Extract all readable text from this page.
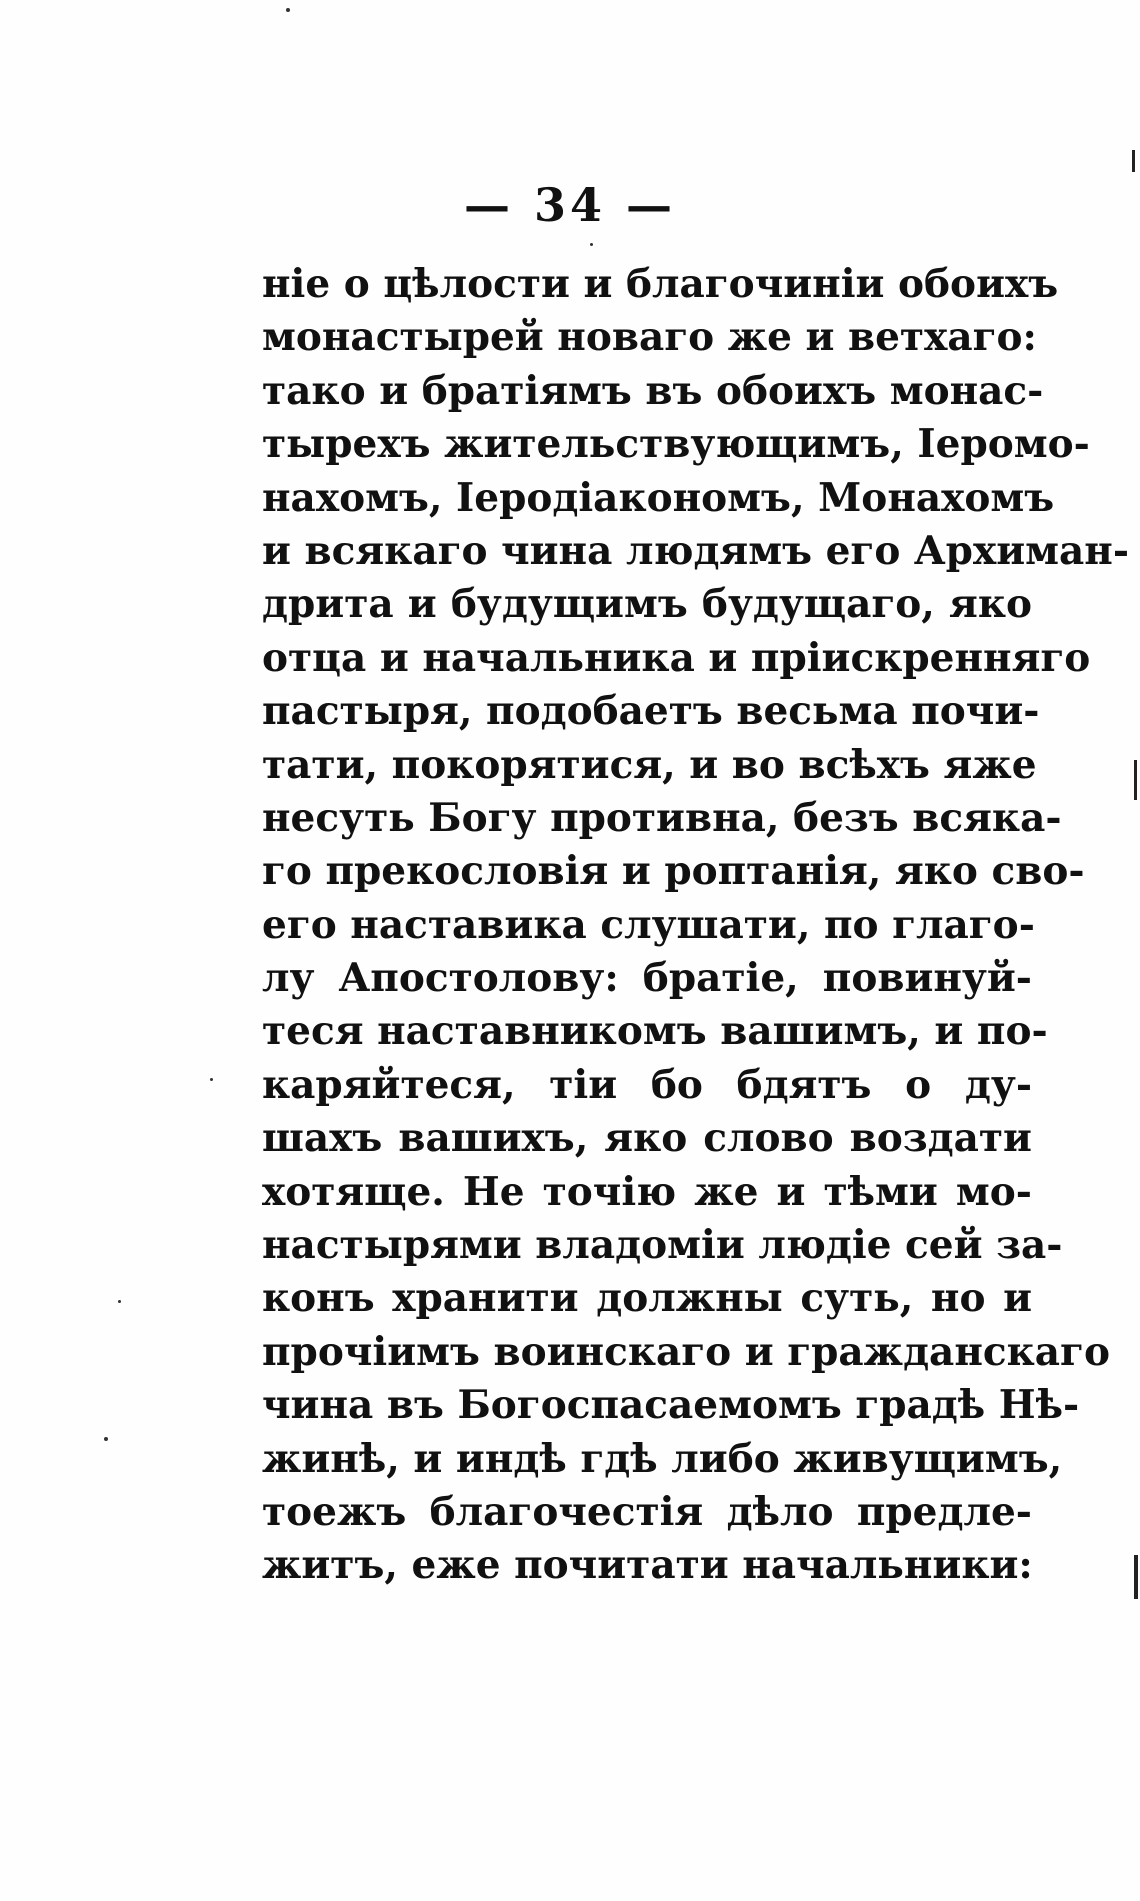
— 34 —
ніе о цѣлости и благочиніи обоихъ
монастырей новаго же и ветхаго:
тако и братіямъ въ обоихъ монас-
тырехъ жительствующимъ, Іеромо-
нахомъ, Іеродіакономъ, Монахомъ
и всякаго чина людямъ его Архиман-
дрита и будущимъ будущаго, яко
отца и начальника и пріискренняго
пастыря, подобаетъ весьма почи-
тати, покорятися, и во всѣхъ яже
несуть Богу противна, безъ всяка-
го прекословія и роптанія, яко сво-
его наставика слушати, по глаго-
лу Апостолову: братіе, повинуй-
теся наставникомъ вашимъ, и по-
каряйтеся, тіи бо бдятъ о ду-
шахъ вашихъ, яко слово воздати
хотяще. Не точію же и тѣми мо-
настырями владоміи людіе сей за-
конъ хранити должны суть, но и
прочіимъ воинскаго и гражданскаго
чина въ Богоспасаемомъ градѣ Нѣ-
жинѣ, и индѣ гдѣ либо живущимъ,
тоежъ благочестія дѣло предле-
житъ, еже почитати начальники:
